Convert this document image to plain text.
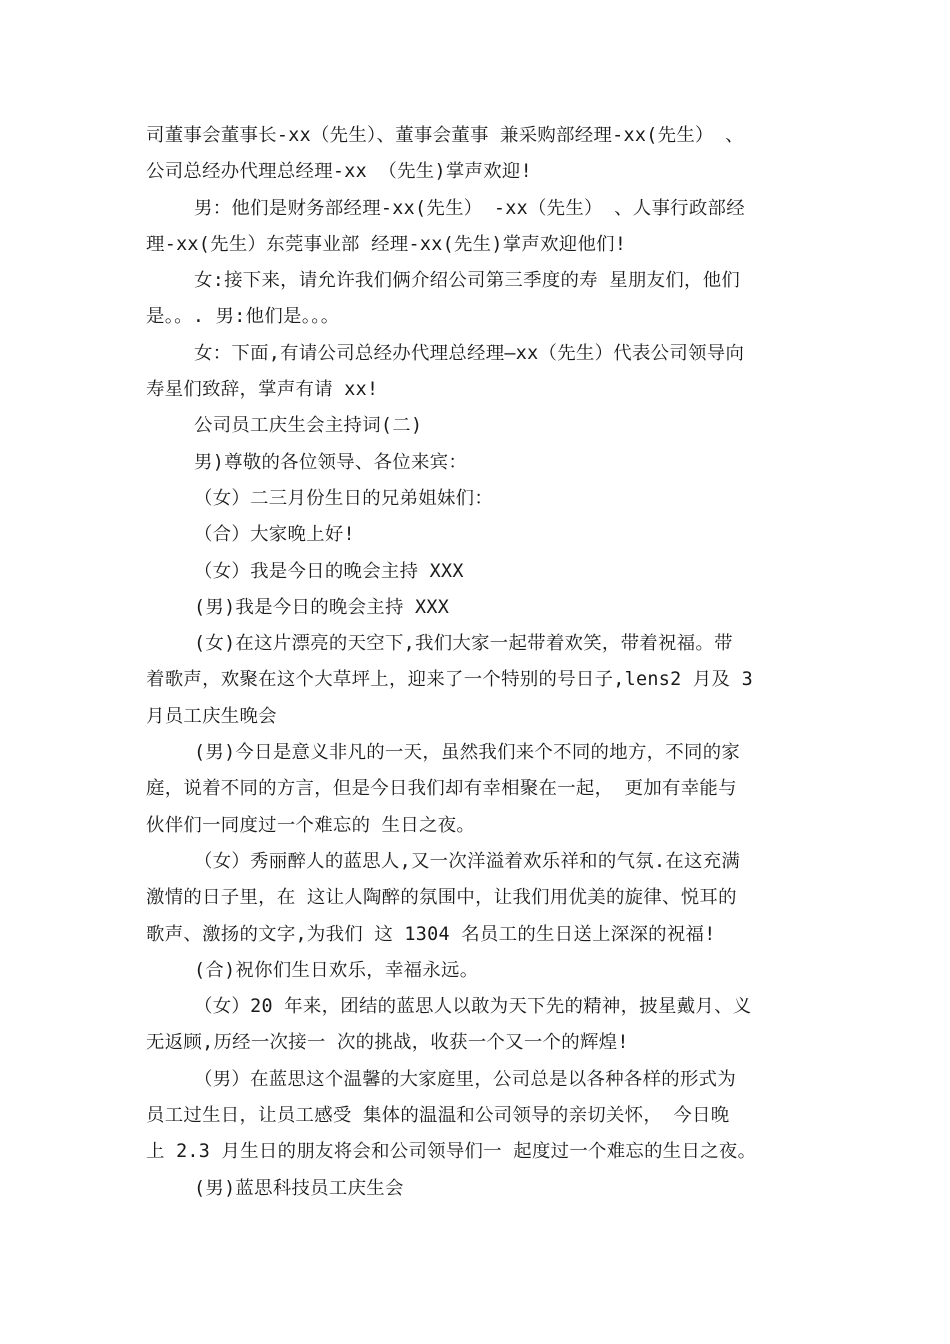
司董事会董事长-xx（先生）、董事会董事 兼采购部经理-xx(先生） 、
公司总经办代理总经理-xx （先生)掌声欢迎!
男：他们是财务部经理-xx(先生） -xx（先生） 、人事行政部经
理-xx(先生）东莞事业部 经理-xx(先生)掌声欢迎他们!
女:接下来，请允许我们俩介绍公司第三季度的寿 星朋友们，他们
是。。. 男:他们是。。。
女：下面,有请公司总经办代理总经理—xx（先生）代表公司领导向
寿星们致辞，掌声有请 xx!
公司员工庆生会主持词(二)
男)尊敬的各位领导、各位来宾：
（女）二三月份生日的兄弟姐妹们：
（合）大家晚上好!
（女）我是今日的晚会主持 XXX
(男)我是今日的晚会主持 XXX
(女)在这片漂亮的天空下,我们大家一起带着欢笑，带着祝福。带
着歌声，欢聚在这个大草坪上，迎来了一个特别的号日子,lens2 月及 3
月员工庆生晚会
(男)今日是意义非凡的一天，虽然我们来个不同的地方，不同的家
庭，说着不同的方言，但是今日我们却有幸相聚在一起， 更加有幸能与
伙伴们一同度过一个难忘的 生日之夜。
（女）秀丽醉人的蓝思人,又一次洋溢着欢乐祥和的气氛.在这充满
激情的日子里，在 这让人陶醉的氛围中，让我们用优美的旋律、悦耳的
歌声、激扬的文字,为我们 这 1304 名员工的生日送上深深的祝福!
(合)祝你们生日欢乐，幸福永远。
（女）20 年来，团结的蓝思人以敢为天下先的精神，披星戴月、义
无返顾,历经一次接一 次的挑战，收获一个又一个的辉煌!
（男）在蓝思这个温馨的大家庭里，公司总是以各种各样的形式为
员工过生日，让员工感受 集体的温温和公司领导的亲切关怀， 今日晚
上 2.3 月生日的朋友将会和公司领导们一 起度过一个难忘的生日之夜。
(男)蓝思科技员工庆生会
